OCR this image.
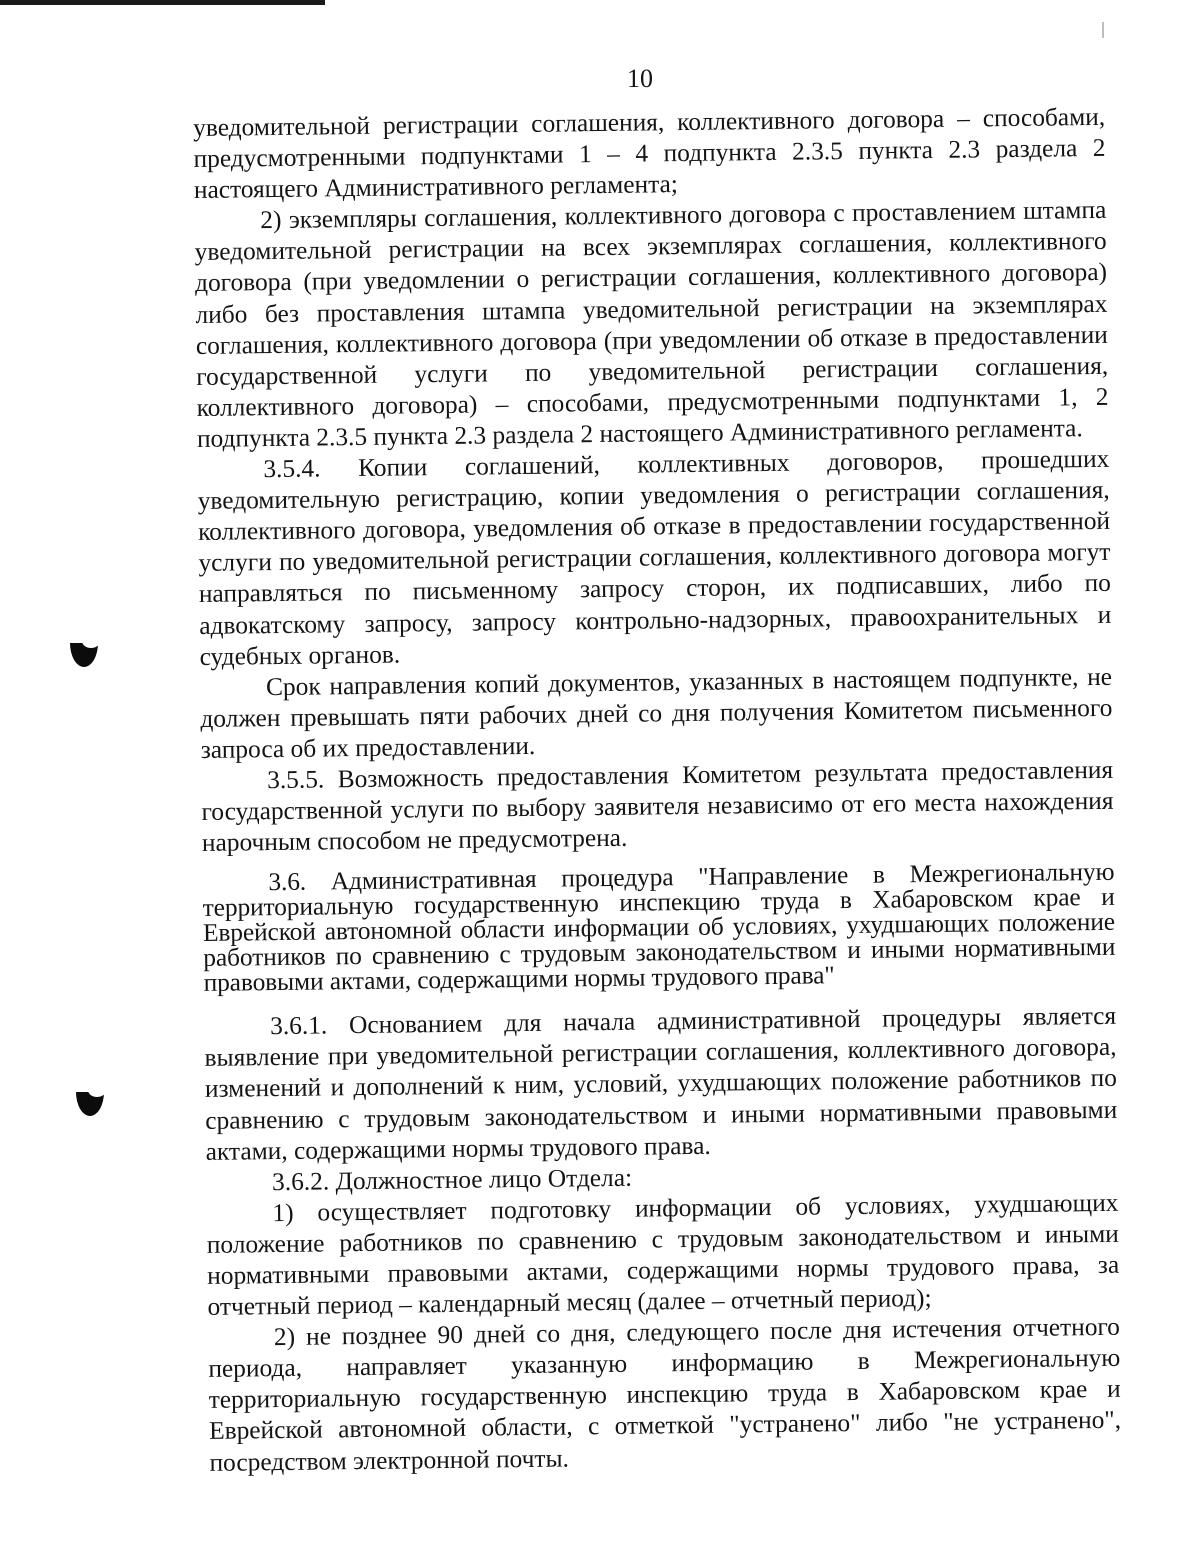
10

уведомительной регистрации соглашения, коллективного договора – способами, предусмотренными подпунктами 1 – 4 подпункта 2.3.5 пункта 2.3 раздела 2 настоящего Административного регламента;

2) экземпляры соглашения, коллективного договора с проставлением штампа уведомительной регистрации на всех экземплярах соглашения, коллективного договора (при уведомлении о регистрации соглашения, коллективного договора) либо без проставления штампа уведомительной регистрации на экземплярах соглашения, коллективного договора (при уведомлении об отказе в предоставлении государственной услуги по уведомительной регистрации соглашения, коллективного договора) – способами, предусмотренными подпунктами 1, 2 подпункта 2.3.5 пункта 2.3 раздела 2 настоящего Административного регламента.

3.5.4. Копии соглашений, коллективных договоров, прошедших уведомительную регистрацию, копии уведомления о регистрации соглашения, коллективного договора, уведомления об отказе в предоставлении государственной услуги по уведомительной регистрации соглашения, коллективного договора могут направляться по письменному запросу сторон, их подписавших, либо по адвокатскому запросу, запросу контрольно-надзорных, правоохранительных и судебных органов.

Срок направления копий документов, указанных в настоящем подпункте, не должен превышать пяти рабочих дней со дня получения Комитетом письменного запроса об их предоставлении.

3.5.5. Возможность предоставления Комитетом результата предоставления государственной услуги по выбору заявителя независимо от его места нахождения нарочным способом не предусмотрена.

3.6. Административная процедура "Направление в Межрегиональную территориальную государственную инспекцию труда в Хабаровском крае и Еврейской автономной области информации об условиях, ухудшающих положение работников по сравнению с трудовым законодательством и иными нормативными правовыми актами, содержащими нормы трудового права"

3.6.1. Основанием для начала административной процедуры является выявление при уведомительной регистрации соглашения, коллективного договора, изменений и дополнений к ним, условий, ухудшающих положение работников по сравнению с трудовым законодательством и иными нормативными правовыми актами, содержащими нормы трудового права.

3.6.2. Должностное лицо Отдела:

1) осуществляет подготовку информации об условиях, ухудшающих положение работников по сравнению с трудовым законодательством и иными нормативными правовыми актами, содержащими нормы трудового права, за отчетный период – календарный месяц (далее – отчетный период);

2) не позднее 90 дней со дня, следующего после дня истечения отчетного периода, направляет указанную информацию в Межрегиональную территориальную государственную инспекцию труда в Хабаровском крае и Еврейской автономной области, с отметкой "устранено" либо "не устранено", посредством электронной почты.
